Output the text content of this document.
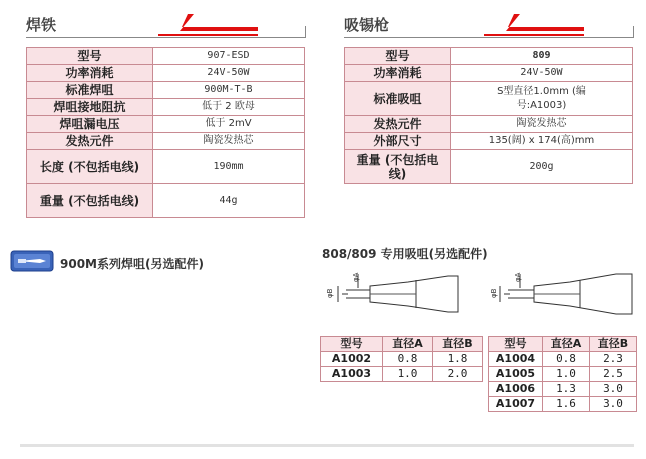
焊铁
型号	907-ESD
功率消耗	24V-50W
标准焊咀	900M-T-B
焊咀接地阻抗	低于 2 欧母
焊咀漏电压	低于 2mV
发热元件	陶瓷发热芯
长度 (不包括电线)	190mm
重量 (不包括电线)	44g
吸锡枪
型号	809
功率消耗	24V-50W
标准吸咀	S型直径1.0mm (编号:A1003)
发热元件	陶瓷发热芯
外部尺寸	135(阔) x 174(高)mm
重量 (不包括电线)	200g
900M系列焊咀(另选配件)
808/809 专用吸咀(另选配件)
φB
φA
φB
φA
型号	直径A	直径B
A1002	0.8	1.8
A1003	1.0	2.0
型号	直径A	直径B
A1004	0.8	2.3
A1005	1.0	2.5
A1006	1.3	3.0
A1007	1.6	3.0
